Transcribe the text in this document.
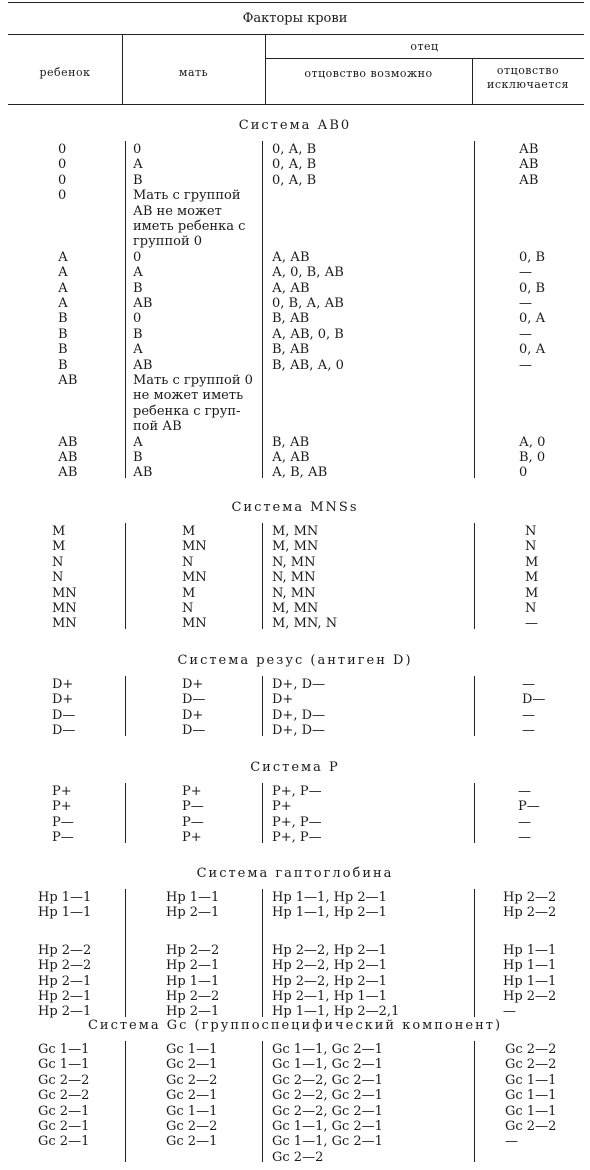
Факторы крови
ребенок	мать
отец
отцовство возможно	отцовство
исключается
Система АВ0
0	0	0, А, В	АВ
0	А	0, А, В	АВ
0	В	0, А, В	АВ
0	Мать с группой
АВ не может
иметь ребенка с
группой 0
А	0	А, АВ	0, В
А	А	А, 0, В, АВ	—
А	В	А, АВ	0, В
А	АВ	0, В, А, АВ	—
В	0	В, АВ	0, А
В	В	А, АВ, 0, В	—
В	А	В, АВ	0, А
В	АВ	В, АВ, А, 0	—
АВ	Мать с группой 0
не может иметь
ребенка с груп-
пой АВ
АВ	А	В, АВ	А, 0
АВ	В	А, АВ	В, 0
АВ	АВ	А, В, АВ	0
Система MNSs
M	M	M, MN	N
M	MN	M, MN	N
N	N	N, MN	M
N	MN	N, MN	M
MN	M	N, MN	M
MN	N	M, MN	N
MN	MN	M, MN, N	—
Система резус (антиген D)
D+	D+	D+, D—	—
D+	D—	D+	D—
D—	D+	D+, D—	—
D—	D—	D+, D—	—
Система Р
Р+	Р+	Р+, Р—	—
Р+	Р—	Р+	Р—
Р—	Р—	Р+, Р—	—
Р—	Р+	Р+, Р—	—
Система гаптоглобина
Hp 1—1	Hp 1—1	Hp 1—1, Hp 2—1	Hp 2—2
Hp 1—1	Hp 2—1	Hp 1—1, Hp 2—1	Hp 2—2
Hp 2—2	Hp 2—2	Hp 2—2, Hp 2—1	Hp 1—1
Hp 2—2	Hp 2—1	Hp 2—2, Hp 2—1	Hp 1—1
Hp 2—1	Hp 1—1	Hp 2—2, Hp 2—1	Hp 1—1
Hp 2—1	Hp 2—2	Hp 2—1, Hp 1—1	Hp 2—2
Hp 2—1	Hp 2—1	Hp 1—1, Hp 2—2,1	—
Система Gc (группоспецифический компонент)
Gc 1—1	Gc 1—1	Gc 1—1, Gc 2—1	Gc 2—2
Gc 1—1	Gc 2—1	Gc 1—1, Gc 2—1	Gc 2—2
Gc 2—2	Gc 2—2	Gc 2—2, Gc 2—1	Gc 1—1
Gc 2—2	Gc 2—1	Gc 2—2, Gc 2—1	Gc 1—1
Gc 2—1	Gc 1—1	Gc 2—2, Gc 2—1	Gc 1—1
Gc 2—1	Gc 2—2	Gc 1—1, Gc 2—1	Gc 2—2
Gc 2—1	Gc 2—1	Gc 1—1, Gc 2—1	—
Gc 2—2
